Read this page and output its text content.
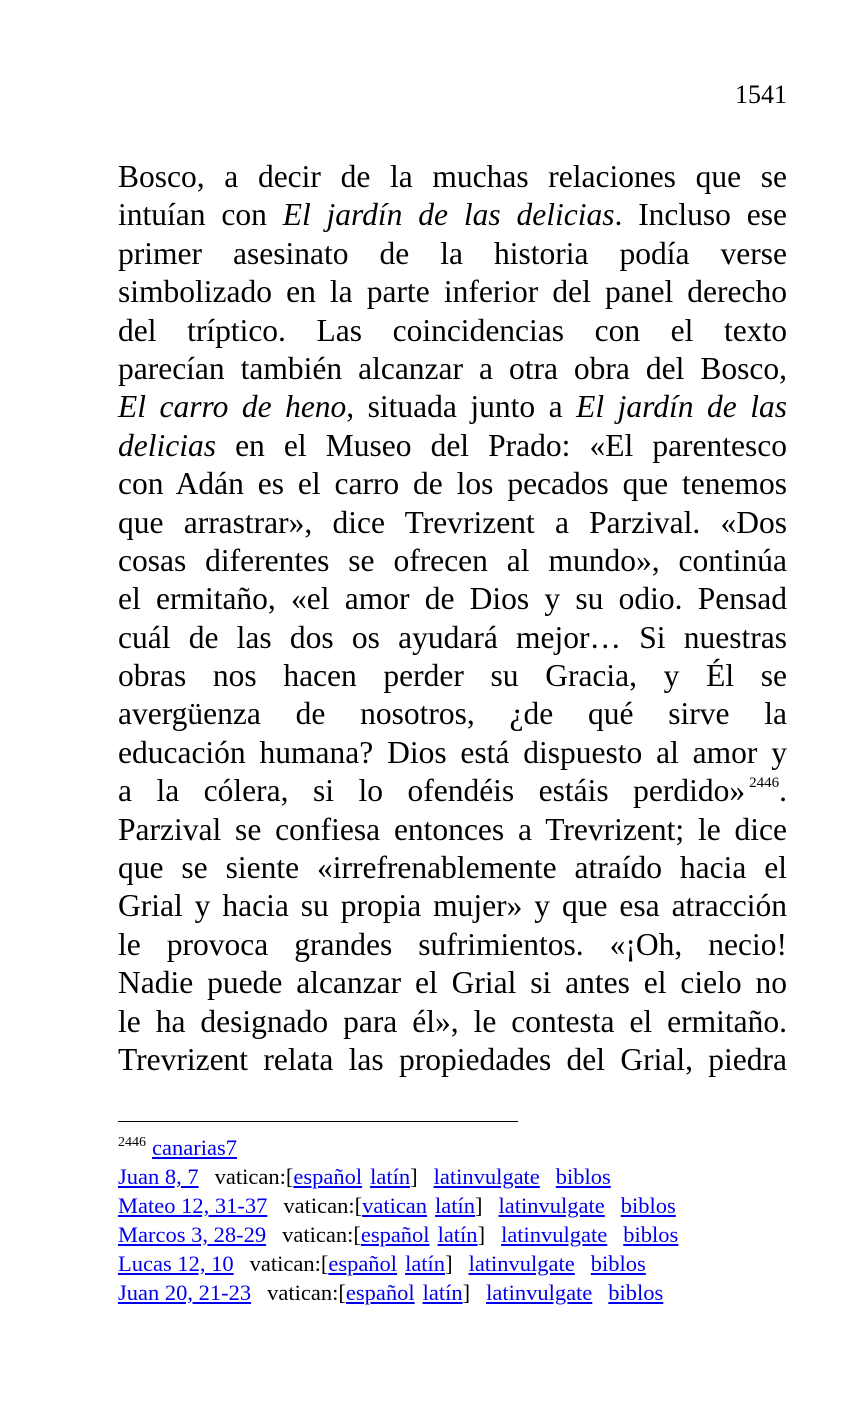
1541
Bosco, a decir de la muchas relaciones que se
intuían con El jardín de las delicias. Incluso ese
primer asesinato de la historia podía verse
simbolizado en la parte inferior del panel derecho
del tríptico. Las coincidencias con el texto
parecían también alcanzar a otra obra del Bosco,
El carro de heno, situada junto a El jardín de las
delicias en el Museo del Prado: «El parentesco
con Adán es el carro de los pecados que tenemos
que arrastrar», dice Trevrizent a Parzival. «Dos
cosas diferentes se ofrecen al mundo», continúa
el ermitaño, «el amor de Dios y su odio. Pensad
cuál de las dos os ayudará mejor… Si nuestras
obras nos hacen perder su Gracia, y Él se
avergüenza de nosotros, ¿de qué sirve la
educación humana? Dios está dispuesto al amor y
a la cólera, si lo ofendéis estáis perdido» $^{2446}$.
Parzival se confiesa entonces a Trevrizent; le dice
que se siente «irrefrenablemente atraído hacia el
Grial y hacia su propia mujer» y que esa atracción
le provoca grandes sufrimientos. «¡Oh, necio!
Nadie puede alcanzar el Grial si antes el cielo no
le ha designado para él», le contesta el ermitaño.
Trevrizent relata las propiedades del Grial, piedra
$^{2446}$ canarias7
Juan 8, 7 vatican:[español latín] latinvulgate biblos
Mateo 12, 31-37 vatican:[vatican latín] latinvulgate biblos
Marcos 3, 28-29 vatican:[español latín] latinvulgate biblos
Lucas 12, 10 vatican:[español latín] latinvulgate biblos
Juan 20, 21-23 vatican:[español latín] latinvulgate biblos
